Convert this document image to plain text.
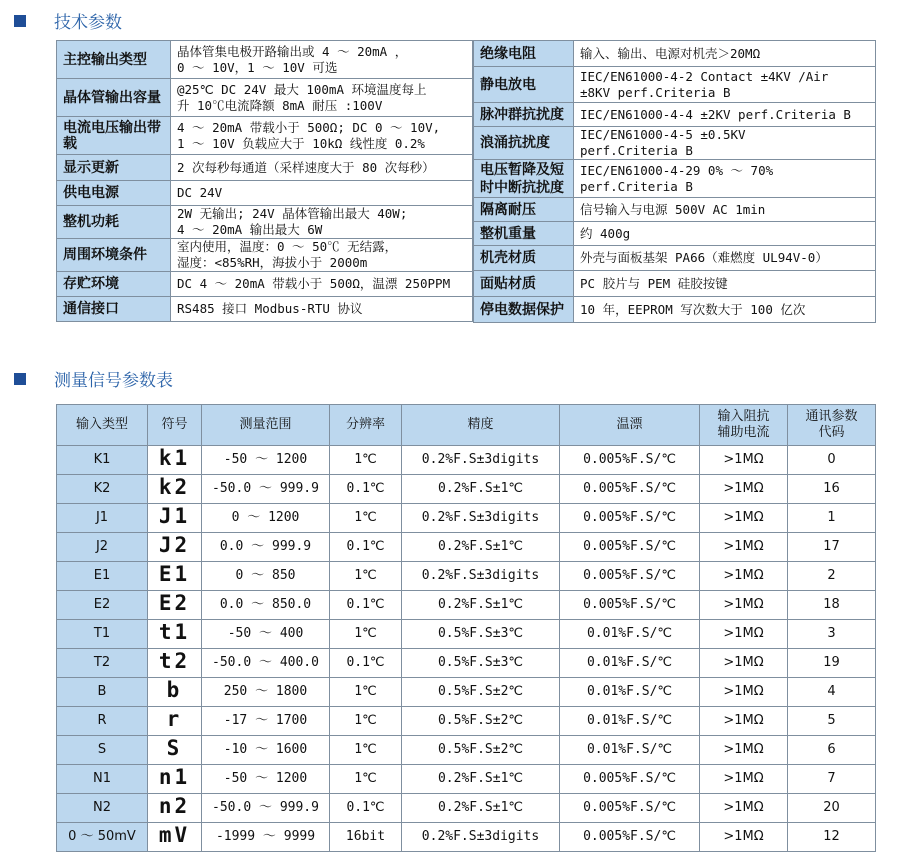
技术参数
主控输出类型	晶体管集电极开路输出或 4 ～ 20mA ，
0 ～ 10V，1 ～ 10V 可选

晶体管输出容量	@25℃ DC 24V 最大 100mA 环境温度每上
升 10℃电流降额 8mA 耐压 :100V

电流电压输出带载	4 ～ 20mA 带载小于 500Ω; DC 0 ～ 10V,
1 ～ 10V 负载应大于 10kΩ 线性度 0.2%

显示更新	2 次每秒每通道（采样速度大于 80 次每秒）

供电电源	DC 24V

整机功耗	2W 无输出; 24V 晶体管输出最大 40W;
4 ～ 20mA 输出最大 6W

周围环境条件	室内使用，温度：0 ～ 50℃ 无结露，
湿度：<85%RH，海拔小于 2000m

存贮环境	DC 4 ～ 20mA 带载小于 500Ω，温漂 250PPM

通信接口	RS485 接口 Modbus-RTU 协议
绝缘电阻	输入、输出、电源对机壳＞20MΩ

静电放电	IEC/EN61000-4-2 Contact ±4KV /Air
±8KV perf.Criteria B

脉冲群抗扰度	IEC/EN61000-4-4 ±2KV perf.Criteria B

浪涌抗扰度	IEC/EN61000-4-5 ±0.5KV
perf.Criteria B

电压暂降及短时中断抗扰度	IEC/EN61000-4-29 0% ～ 70%
perf.Criteria B

隔离耐压	信号输入与电源 500V AC 1min

整机重量	约 400g

机壳材质	外壳与面板基架 PA66（难燃度 UL94V-0）

面贴材质	PC 胶片与 PEM 硅胶按键

停电数据保护	10 年，EEPROM 写次数大于 100 亿次
测量信号参数表
输入类型	符号	测量范围	分辨率	精度	温漂	输入阻抗辅助电流	通讯参数代码
K1	k1	-50 ～ 1200	1℃	0.2%F.S±3digits	0.005%F.S/℃	>1MΩ	0
K2	k2	-50.0 ～ 999.9	0.1℃	0.2%F.S±1℃	0.005%F.S/℃	>1MΩ	16
J1	J1	0 ～ 1200	1℃	0.2%F.S±3digits	0.005%F.S/℃	>1MΩ	1
J2	J2	0.0 ～ 999.9	0.1℃	0.2%F.S±1℃	0.005%F.S/℃	>1MΩ	17
E1	E1	0 ～ 850	1℃	0.2%F.S±3digits	0.005%F.S/℃	>1MΩ	2
E2	E2	0.0 ～ 850.0	0.1℃	0.2%F.S±1℃	0.005%F.S/℃	>1MΩ	18
T1	t1	-50 ～ 400	1℃	0.5%F.S±3℃	0.01%F.S/℃	>1MΩ	3
T2	t2	-50.0 ～ 400.0	0.1℃	0.5%F.S±3℃	0.01%F.S/℃	>1MΩ	19
B	b	250 ～ 1800	1℃	0.5%F.S±2℃	0.01%F.S/℃	>1MΩ	4
R	r	-17 ～ 1700	1℃	0.5%F.S±2℃	0.01%F.S/℃	>1MΩ	5
S	S	-10 ～ 1600	1℃	0.5%F.S±2℃	0.01%F.S/℃	>1MΩ	6
N1	n1	-50 ～ 1200	1℃	0.2%F.S±1℃	0.005%F.S/℃	>1MΩ	7
N2	n2	-50.0 ～ 999.9	0.1℃	0.2%F.S±1℃	0.005%F.S/℃	>1MΩ	20
0 ～ 50mV	mV	-1999 ～ 9999	16bit	0.2%F.S±3digits	0.005%F.S/℃	>1MΩ	12
